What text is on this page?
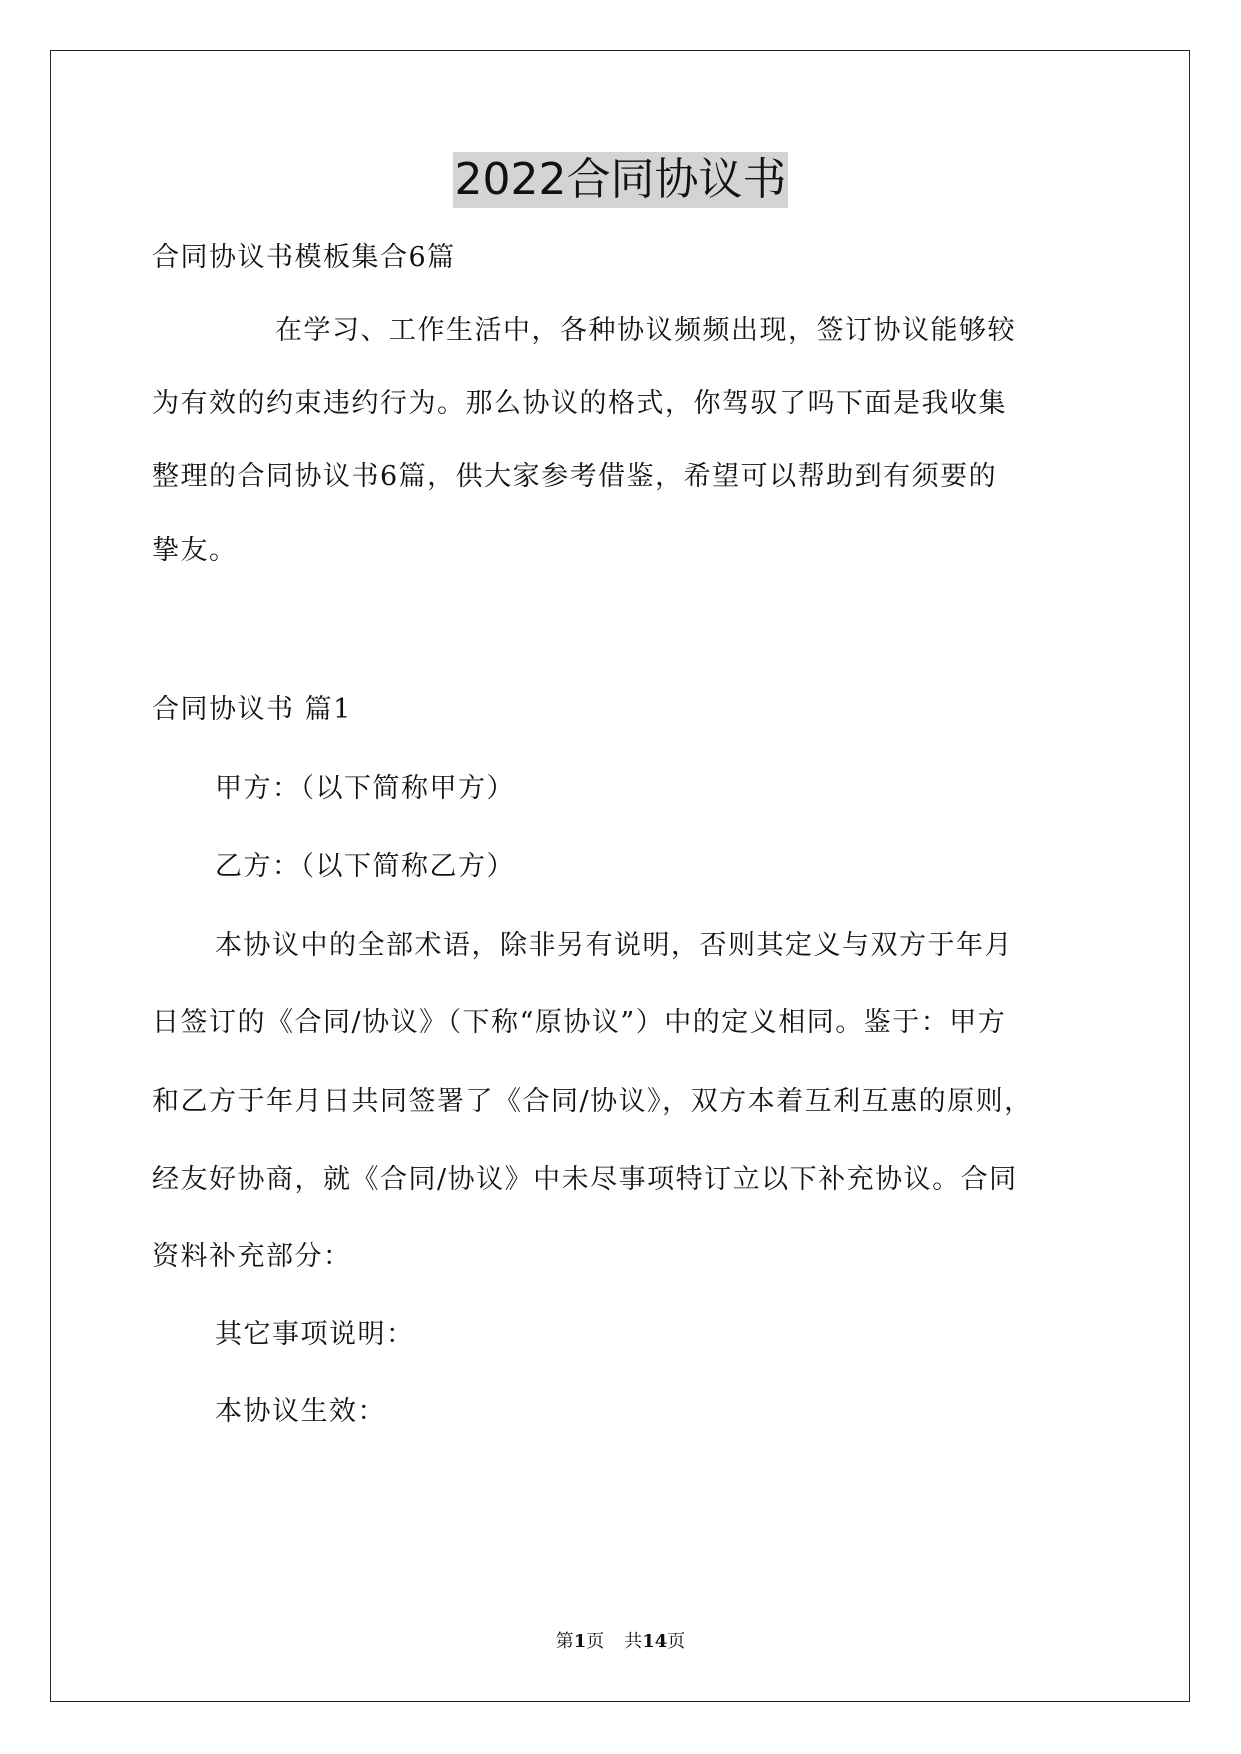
2022合同协议书
合同协议书模板集合6篇
在学习、工作生活中，各种协议频频出现，签订协议能够较
为有效的约束违约行为。那么协议的格式，你驾驭了吗下面是我收集
整理的合同协议书6篇，供大家参考借鉴，希望可以帮助到有须要的
挚友。
合同协议书 篇1
甲方：（以下简称甲方）
乙方：（以下简称乙方）
本协议中的全部术语，除非另有说明，否则其定义与双方于年月
日签订的《合同/协议》（下称“原协议”）中的定义相同。鉴于：甲方
和乙方于年月日共同签署了《合同/协议》，双方本着互利互惠的原则，
经友好协商，就《合同/协议》中未尽事项特订立以下补充协议。合同
资料补充部分：
其它事项说明：
本协议生效：
第1页 共14页
